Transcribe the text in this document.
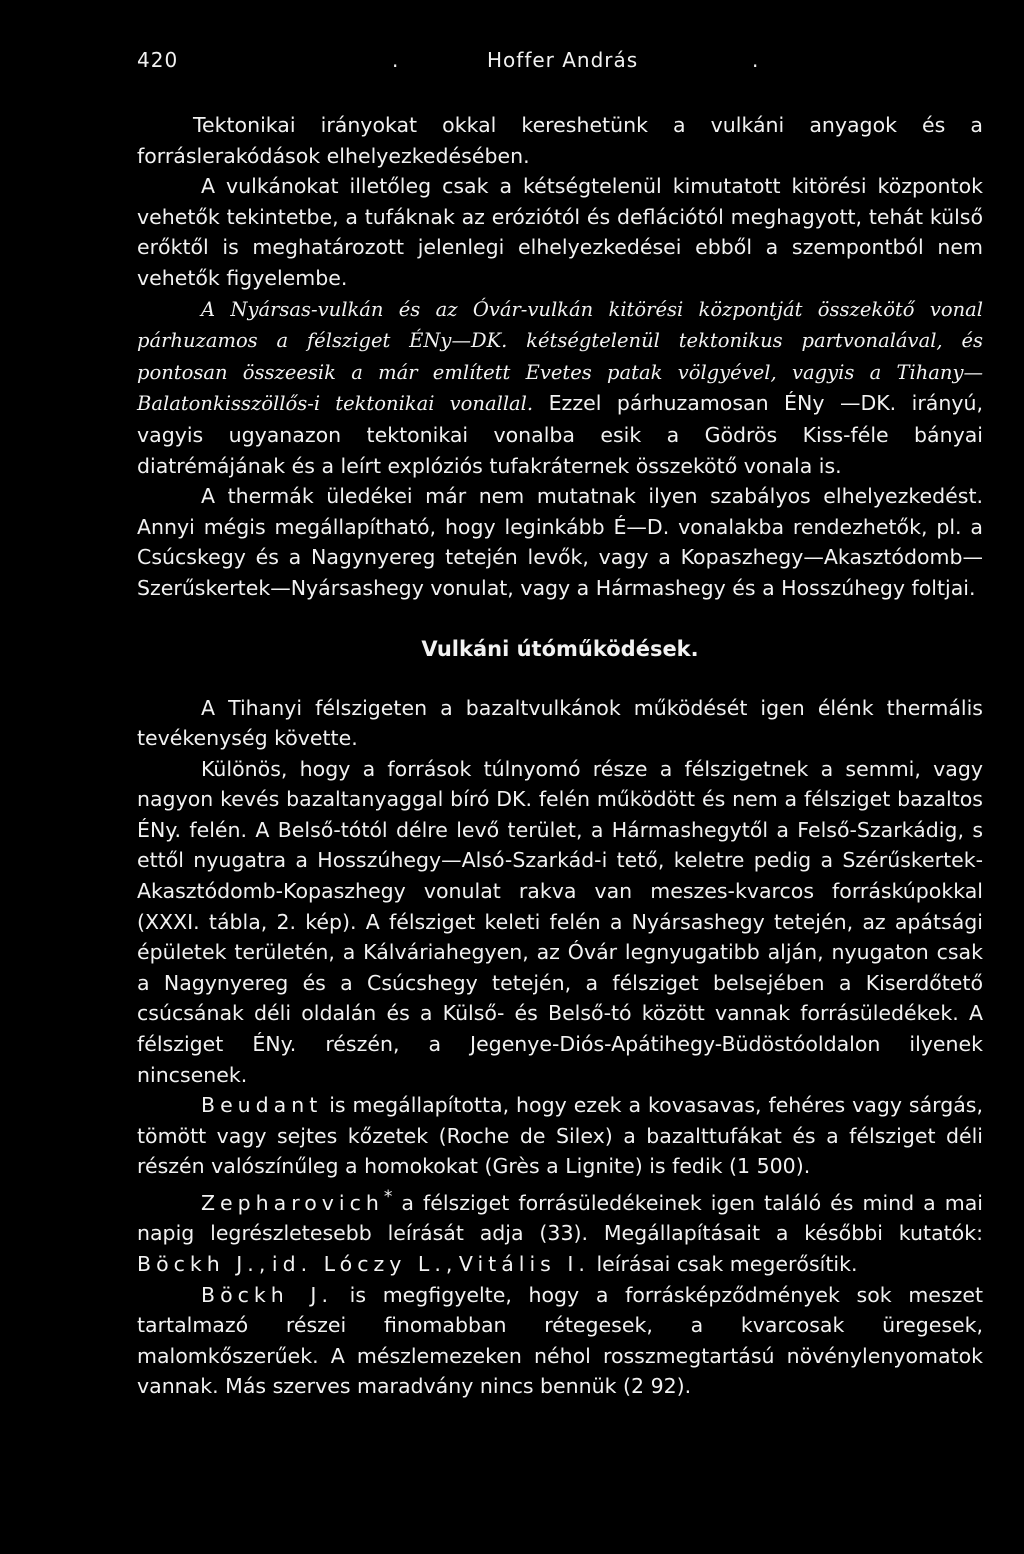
420	.	Hoffer András	.

Tektonikai irányokat okkal kereshetünk a vulkáni anyagok és a forráslerakódások elhelyezkedésében.

A vulkánokat illetőleg csak a kétségtelenül kimutatott kitörési központok vehetők tekintetbe, a tufáknak az eróziótól és deflációtól meghagyott, tehát külső erőktől is meghatározott jelenlegi elhelyezkedései ebből a szempontból nem vehetők figyelembe.

A Nyársas-vulkán és az Óvár-vulkán kitörési központját összekötő vonal párhuzamos a félsziget ÉNy—DK. kétségtelenül tektonikus partvonalával, és pontosan összeesik a már említett Evetes patak völgyével, vagyis a Tihany—Balatonkisszöllős-i tektonikai vonallal. Ezzel párhuzamosan ÉNy —DK. irányú, vagyis ugyanazon tektonikai vonalba esik a Gödrös Kiss-féle bányai diatrémájának és a leírt explóziós tufakráternek összekötő vonala is.

A thermák üledékei már nem mutatnak ilyen szabályos elhelyezkedést. Annyi mégis megállapítható, hogy leginkább É—D. vonalakba rendezhetők, pl. a Csúcskegy és a Nagynyereg tetején levők, vagy a Kopaszhegy—Akasztódomb—Szerűskertek—Nyársashegy vonulat, vagy a Hármashegy és a Hosszúhegy foltjai.

Vulkáni útóműködések.

A Tihanyi félszigeten a bazaltvulkánok működését igen élénk thermális tevékenység követte.

Különös, hogy a források túlnyomó része a félszigetnek a semmi, vagy nagyon kevés bazaltanyaggal bíró DK. felén működött és nem a félsziget bazaltos ÉNy. felén. A Belső-tótól délre levő terület, a Hármashegytől a Felső-Szarkádig, s ettől nyugatra a Hosszúhegy—Alsó-Szarkád-i tető, keletre pedig a Szérűskertek-Akasztódomb-Kopaszhegy vonulat rakva van meszes-kvarcos forráskúpokkal (XXXI. tábla, 2. kép). A félsziget keleti felén a Nyársashegy tetején, az apátsági épületek területén, a Kálváriahegyen, az Óvár legnyugatibb alján, nyugaton csak a Nagynyereg és a Csúcshegy tetején, a félsziget belsejében a Kiserdőtető csúcsának déli oldalán és a Külső- és Belső-tó között vannak forrásüledékek. A félsziget ÉNy. részén, a Jegenye-Diós-Apátihegy-Büdöstóoldalon ilyenek nincsenek.

Beudant is megállapította, hogy ezek a kovasavas, fehéres vagy sárgás, tömött vagy sejtes kőzetek (Roche de Silex) a bazalttufákat és a félsziget déli részén valószínűleg a homokokat (Grès a Lignite) is fedik (1 500).

Zepharovich* a félsziget forrásüledékeinek igen találó és mind a mai napig legrészletesebb leírását adja (33). Megállapításait a későbbi kutatók: Böckh J., id. Lóczy L., Vitális I. leírásai csak megerősítik.

Böckh J. is megfigyelte, hogy a forrásképződmények sok meszet tartalmazó részei finomabban rétegesek, a kvarcosak üregesek, malomkőszerűek. A mészlemezeken néhol rosszmegtartású növénylenyomatok vannak. Más szerves maradvány nincs bennük (2 92).
